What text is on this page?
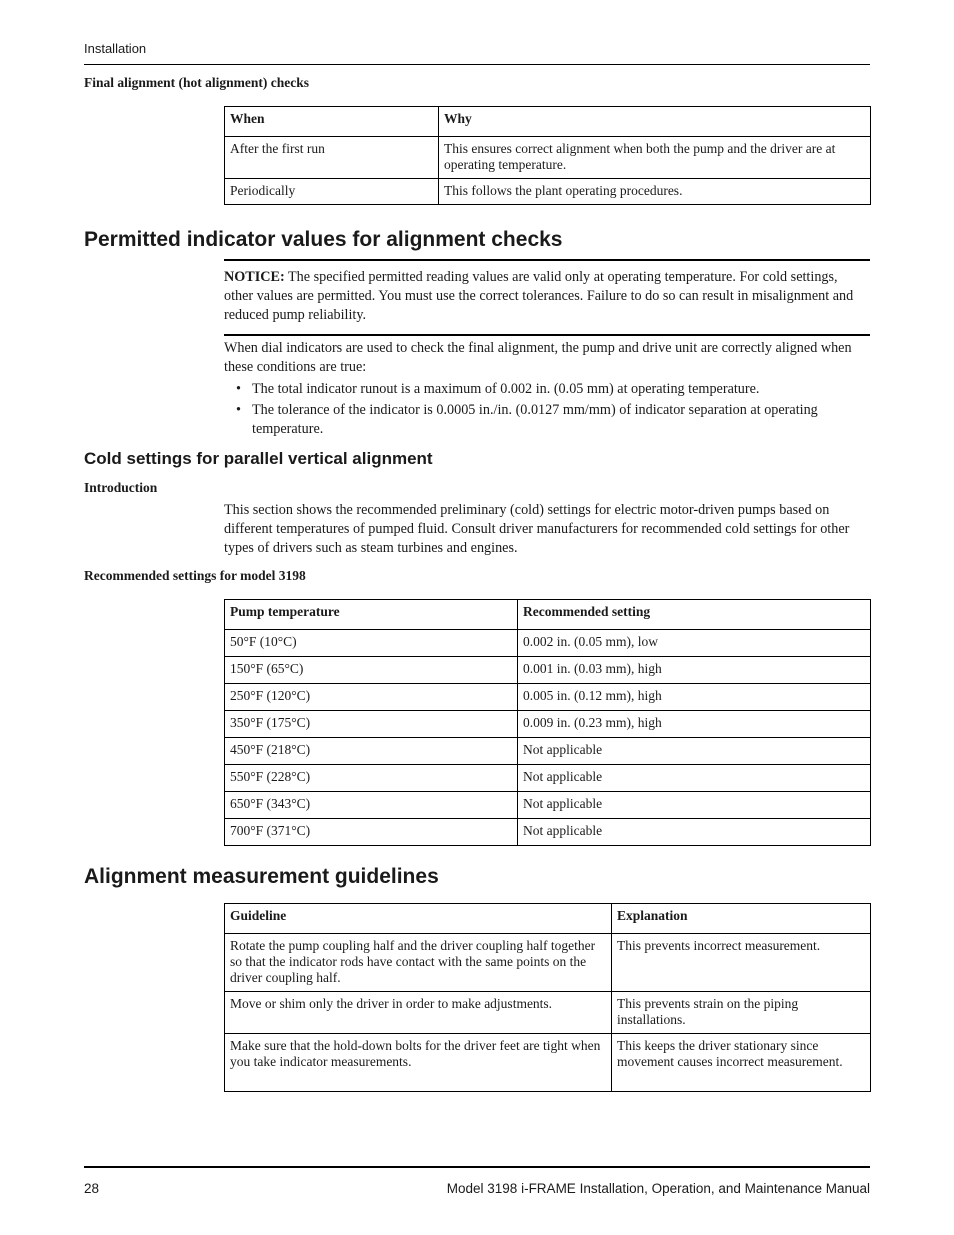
Installation
Final alignment (hot alignment) checks
When	Why
After the first run	This ensures correct alignment when both the pump and the driver are at operating temperature.
Periodically	This follows the plant operating procedures.
Permitted indicator values for alignment checks
NOTICE: The specified permitted reading values are valid only at operating temperature. For cold settings, other values are permitted. You must use the correct tolerances. Failure to do so can result in misalignment and reduced pump reliability.
When dial indicators are used to check the final alignment, the pump and drive unit are correctly aligned when these conditions are true:
• The total indicator runout is a maximum of 0.002 in. (0.05 mm) at operating temperature.
• The tolerance of the indicator is 0.0005 in./in. (0.0127 mm/mm) of indicator separation at operating temperature.
Cold settings for parallel vertical alignment
Introduction
This section shows the recommended preliminary (cold) settings for electric motor-driven pumps based on different temperatures of pumped fluid. Consult driver manufacturers for recommended cold settings for other types of drivers such as steam turbines and engines.
Recommended settings for model 3198
Pump temperature	Recommended setting
50°F (10°C)	0.002 in. (0.05 mm), low
150°F (65°C)	0.001 in. (0.03 mm), high
250°F (120°C)	0.005 in. (0.12 mm), high
350°F (175°C)	0.009 in. (0.23 mm), high
450°F (218°C)	Not applicable
550°F (228°C)	Not applicable
650°F (343°C)	Not applicable
700°F (371°C)	Not applicable
Alignment measurement guidelines
Guideline	Explanation
Rotate the pump coupling half and the driver coupling half together so that the indicator rods have contact with the same points on the driver coupling half.	This prevents incorrect measurement.
Move or shim only the driver in order to make adjustments.	This prevents strain on the piping installations.
Make sure that the hold-down bolts for the driver feet are tight when you take indicator measurements.	This keeps the driver stationary since movement causes incorrect measurement.
28	Model 3198 i-FRAME Installation, Operation, and Maintenance Manual
